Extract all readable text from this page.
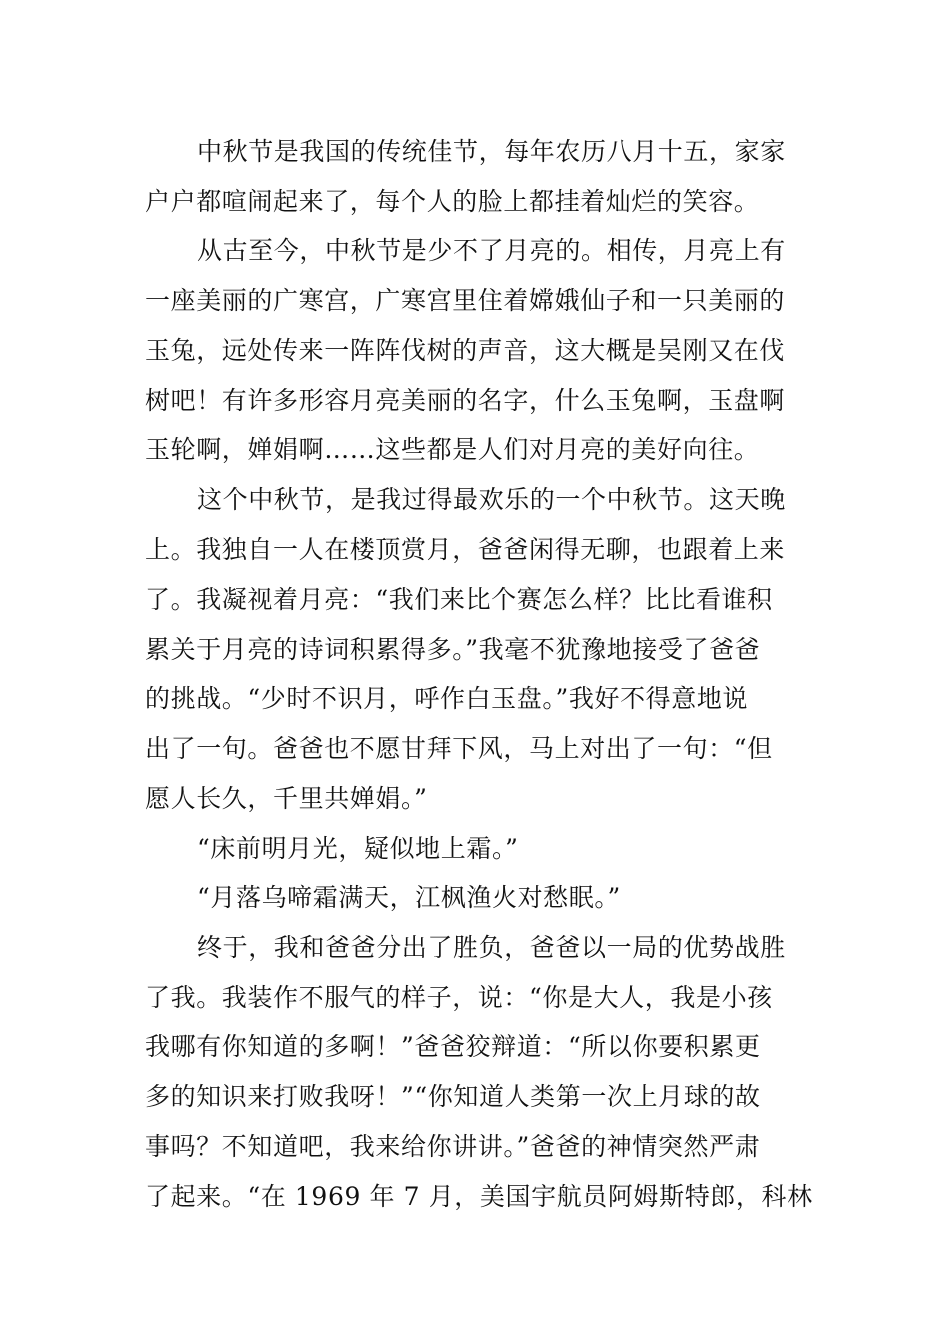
中秋节是我国的传统佳节，每年农历八月十五，家家
户户都喧闹起来了，每个人的脸上都挂着灿烂的笑容。
从古至今，中秋节是少不了月亮的。相传，月亮上有
一座美丽的广寒宫，广寒宫里住着嫦娥仙子和一只美丽的
玉兔，远处传来一阵阵伐树的声音，这大概是吴刚又在伐
树吧！有许多形容月亮美丽的名字，什么玉兔啊，玉盘啊
玉轮啊，婵娟啊……这些都是人们对月亮的美好向往。
这个中秋节，是我过得最欢乐的一个中秋节。这天晚
上。我独自一人在楼顶赏月，爸爸闲得无聊，也跟着上来
了。我凝视着月亮：“我们来比个赛怎么样？比比看谁积
累关于月亮的诗词积累得多。”我毫不犹豫地接受了爸爸
的挑战。“少时不识月，呼作白玉盘。”我好不得意地说
出了一句。爸爸也不愿甘拜下风，马上对出了一句：“但
愿人长久，千里共婵娟。”
“床前明月光，疑似地上霜。”
“月落乌啼霜满天，江枫渔火对愁眠。”
终于，我和爸爸分出了胜负，爸爸以一局的优势战胜
了我。我装作不服气的样子，说：“你是大人，我是小孩
我哪有你知道的多啊！”爸爸狡辩道：“所以你要积累更
多的知识来打败我呀！”“你知道人类第一次上月球的故
事吗？不知道吧，我来给你讲讲。”爸爸的神情突然严肃
了起来。“在 1969 年 7 月，美国宇航员阿姆斯特郎，科林
